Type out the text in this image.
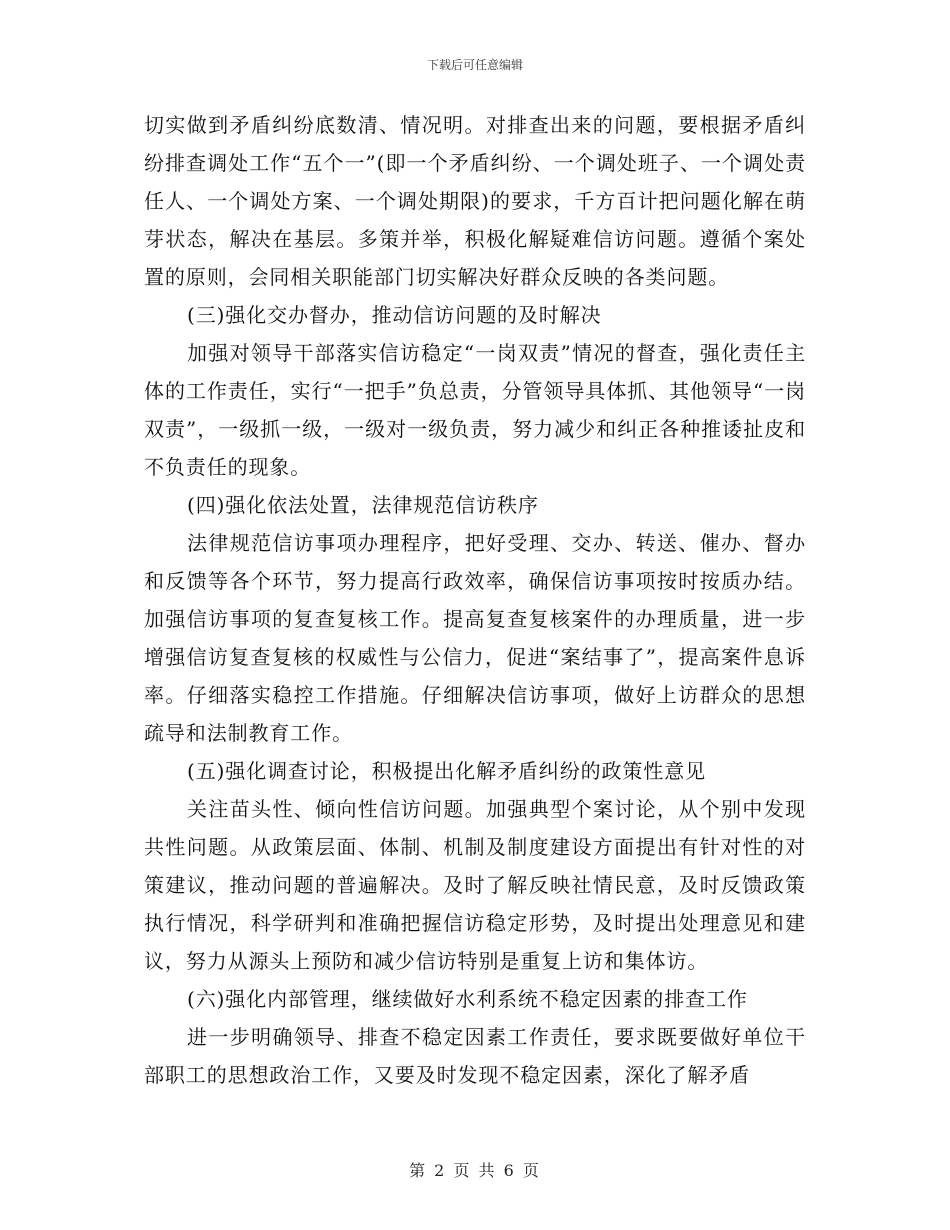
下载后可任意编辑

切实做到矛盾纠纷底数清、情况明。对排查出来的问题，要根据矛盾纠纷排查调处工作“五个一”(即一个矛盾纠纷、一个调处班子、一个调处责任人、一个调处方案、一个调处期限)的要求，千方百计把问题化解在萌芽状态，解决在基层。多策并举，积极化解疑难信访问题。遵循个案处置的原则，会同相关职能部门切实解决好群众反映的各类问题。

(三)强化交办督办，推动信访问题的及时解决

加强对领导干部落实信访稳定“一岗双责”情况的督查，强化责任主体的工作责任，实行“一把手”负总责，分管领导具体抓、其他领导“一岗双责”，一级抓一级，一级对一级负责，努力减少和纠正各种推诿扯皮和不负责任的现象。

(四)强化依法处置，法律规范信访秩序

法律规范信访事项办理程序，把好受理、交办、转送、催办、督办和反馈等各个环节，努力提高行政效率，确保信访事项按时按质办结。加强信访事项的复查复核工作。提高复查复核案件的办理质量，进一步增强信访复查复核的权威性与公信力，促进“案结事了”，提高案件息诉率。仔细落实稳控工作措施。仔细解决信访事项，做好上访群众的思想疏导和法制教育工作。

(五)强化调查讨论，积极提出化解矛盾纠纷的政策性意见

关注苗头性、倾向性信访问题。加强典型个案讨论，从个别中发现共性问题。从政策层面、体制、机制及制度建设方面提出有针对性的对策建议，推动问题的普遍解决。及时了解反映社情民意，及时反馈政策执行情况，科学研判和准确把握信访稳定形势，及时提出处理意见和建议，努力从源头上预防和减少信访特别是重复上访和集体访。

(六)强化内部管理，继续做好水利系统不稳定因素的排查工作

进一步明确领导、排查不稳定因素工作责任，要求既要做好单位干部职工的思想政治工作，又要及时发现不稳定因素，深化了解矛盾

第 2 页 共 6 页
